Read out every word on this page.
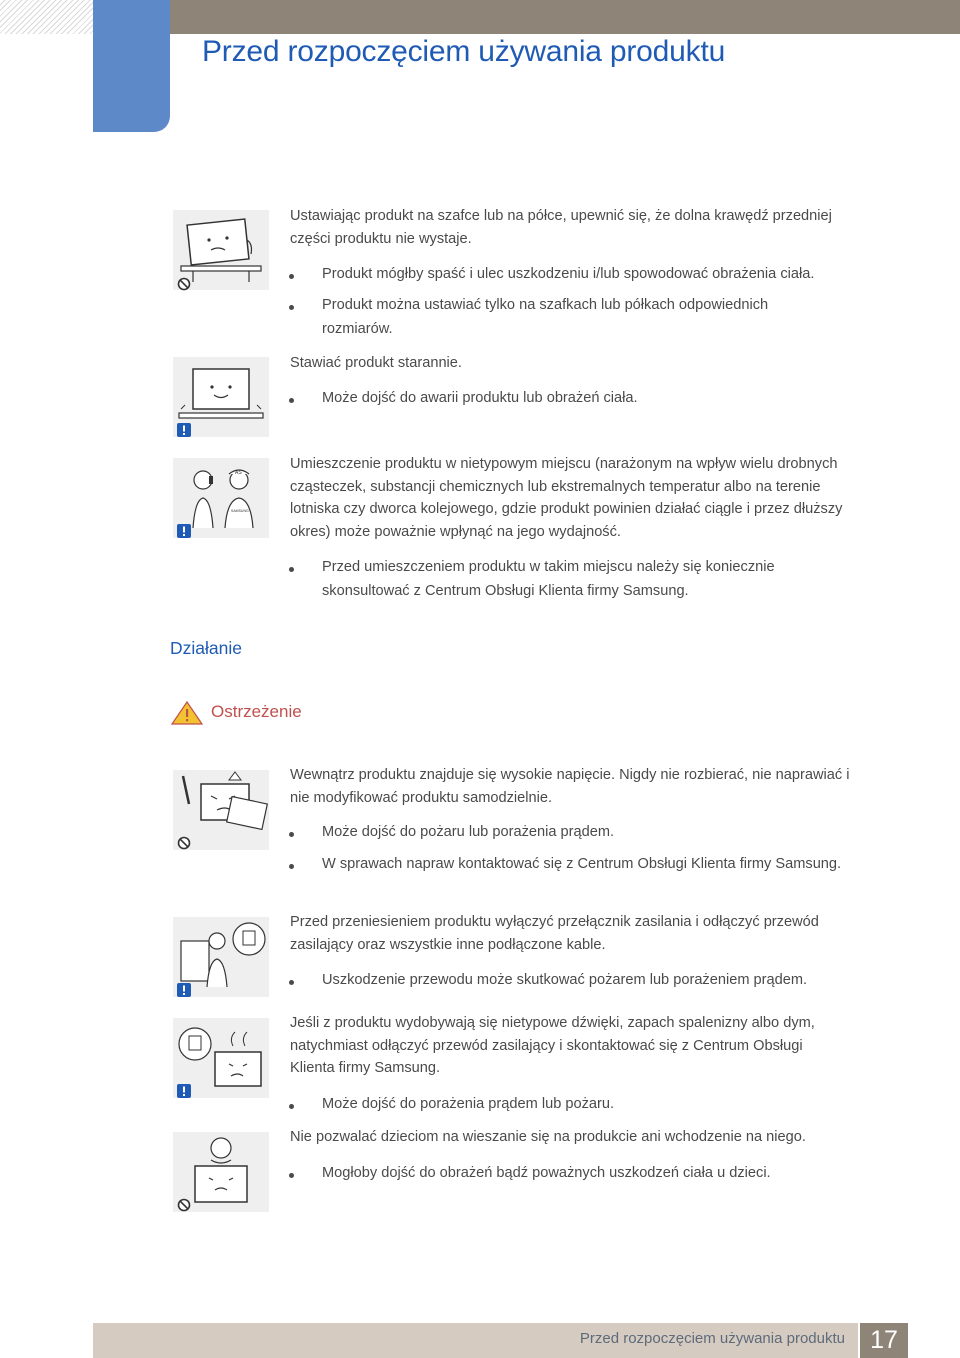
Przed rozpoczęciem używania produktu

Ustawiając produkt na szafce lub na półce, upewnić się, że dolna krawędź przedniej części produktu nie wystaje.

Produkt mógłby spaść i ulec uszkodzeniu i/lub spowodować obrażenia ciała.

Produkt można ustawiać tylko na szafkach lub półkach odpowiednich rozmiarów.

Stawiać produkt starannie.

Może dojść do awarii produktu lub obrażeń ciała.

AS
SAMSUNG

Umieszczenie produktu w nietypowym miejscu (narażonym na wpływ wielu drobnych cząsteczek, substancji chemicznych lub ekstremalnych temperatur albo na terenie lotniska czy dworca kolejowego, gdzie produkt powinien działać ciągle i przez dłuższy okres) może poważnie wpłynąć na jego wydajność.

Przed umieszczeniem produktu w takim miejscu należy się koniecznie skonsultować z Centrum Obsługi Klienta firmy Samsung.

Działanie
Ostrzeżenie

Wewnątrz produktu znajduje się wysokie napięcie. Nigdy nie rozbierać, nie naprawiać i nie modyfikować produktu samodzielnie.

Może dojść do pożaru lub porażenia prądem.

W sprawach napraw kontaktować się z Centrum Obsługi Klienta firmy Samsung.

Przed przeniesieniem produktu wyłączyć przełącznik zasilania i odłączyć przewód zasilający oraz wszystkie inne podłączone kable.

Uszkodzenie przewodu może skutkować pożarem lub porażeniem prądem.

Jeśli z produktu wydobywają się nietypowe dźwięki, zapach spalenizny albo dym, natychmiast odłączyć przewód zasilający i skontaktować się z Centrum Obsługi Klienta firmy Samsung.

Może dojść do porażenia prądem lub pożaru.

Nie pozwalać dzieciom na wieszanie się na produkcie ani wchodzenie na niego.

Mogłoby dojść do obrażeń bądź poważnych uszkodzeń ciała u dzieci.

Przed rozpoczęciem używania produktu	17
